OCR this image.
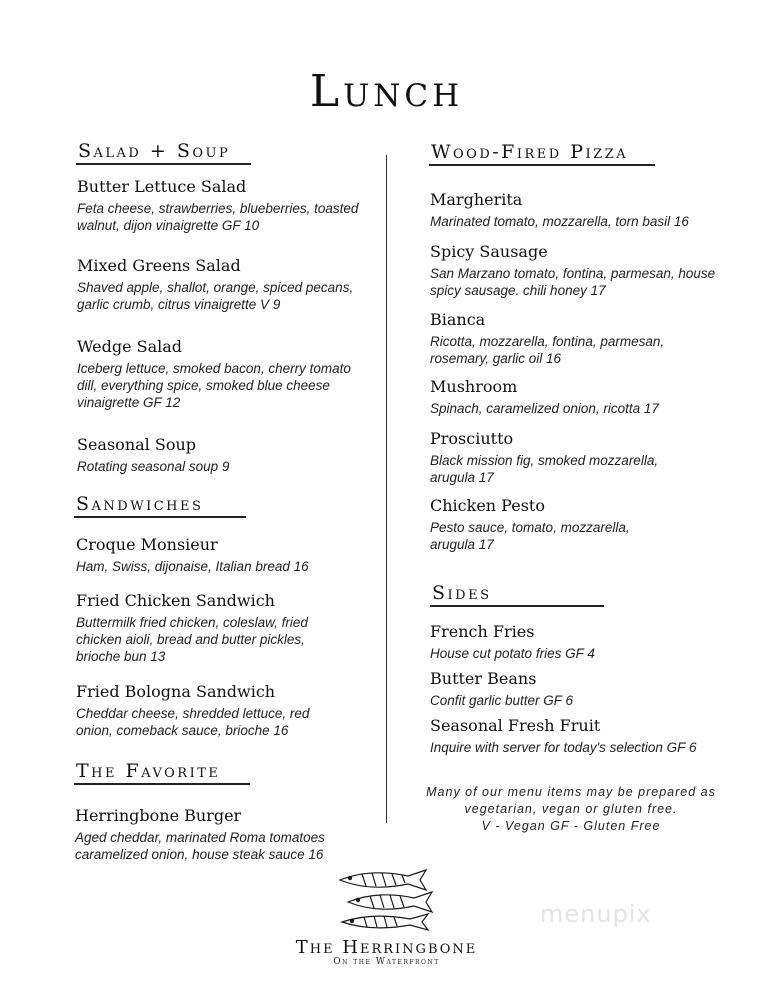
Lunch
Salad + Soup
Butter Lettuce Salad
Feta cheese, strawberries, blueberries, toasted
walnut, dijon vinaigrette GF 10
Mixed Greens Salad
Shaved apple, shallot, orange, spiced pecans,
garlic crumb, citrus vinaigrette V 9
Wedge Salad
Iceberg lettuce, smoked bacon, cherry tomato
dill, everything spice, smoked blue cheese
vinaigrette GF 12
Seasonal Soup
Rotating seasonal soup 9
Sandwiches
Croque Monsieur
Ham, Swiss, dijonaise, Italian bread 16
Fried Chicken Sandwich
Buttermilk fried chicken, coleslaw, fried
chicken aioli, bread and butter pickles,
brioche bun 13
Fried Bologna Sandwich
Cheddar cheese, shredded lettuce, red
onion, comeback sauce, brioche 16
The Favorite
Herringbone Burger
Aged cheddar, marinated Roma tomatoes
caramelized onion, house steak sauce 16
Wood-Fired Pizza
Margherita
Marinated tomato, mozzarella, torn basil 16
Spicy Sausage
San Marzano tomato, fontina, parmesan, house
spicy sausage. chili honey 17
Bianca
Ricotta, mozzarella, fontina, parmesan,
rosemary, garlic oil 16
Mushroom
Spinach, caramelized onion, ricotta 17
Prosciutto
Black mission fig, smoked mozzarella,
arugula 17
Chicken Pesto
Pesto sauce, tomato, mozzarella,
arugula 17
Sides
French Fries
House cut potato fries GF 4
Butter Beans
Confit garlic butter GF 6
Seasonal Fresh Fruit
Inquire with server for today's selection GF 6
Many of our menu items may be prepared as
vegetarian, vegan or gluten free.
V - Vegan GF - Gluten Free
The Herringbone
On the Waterfront
menupix
